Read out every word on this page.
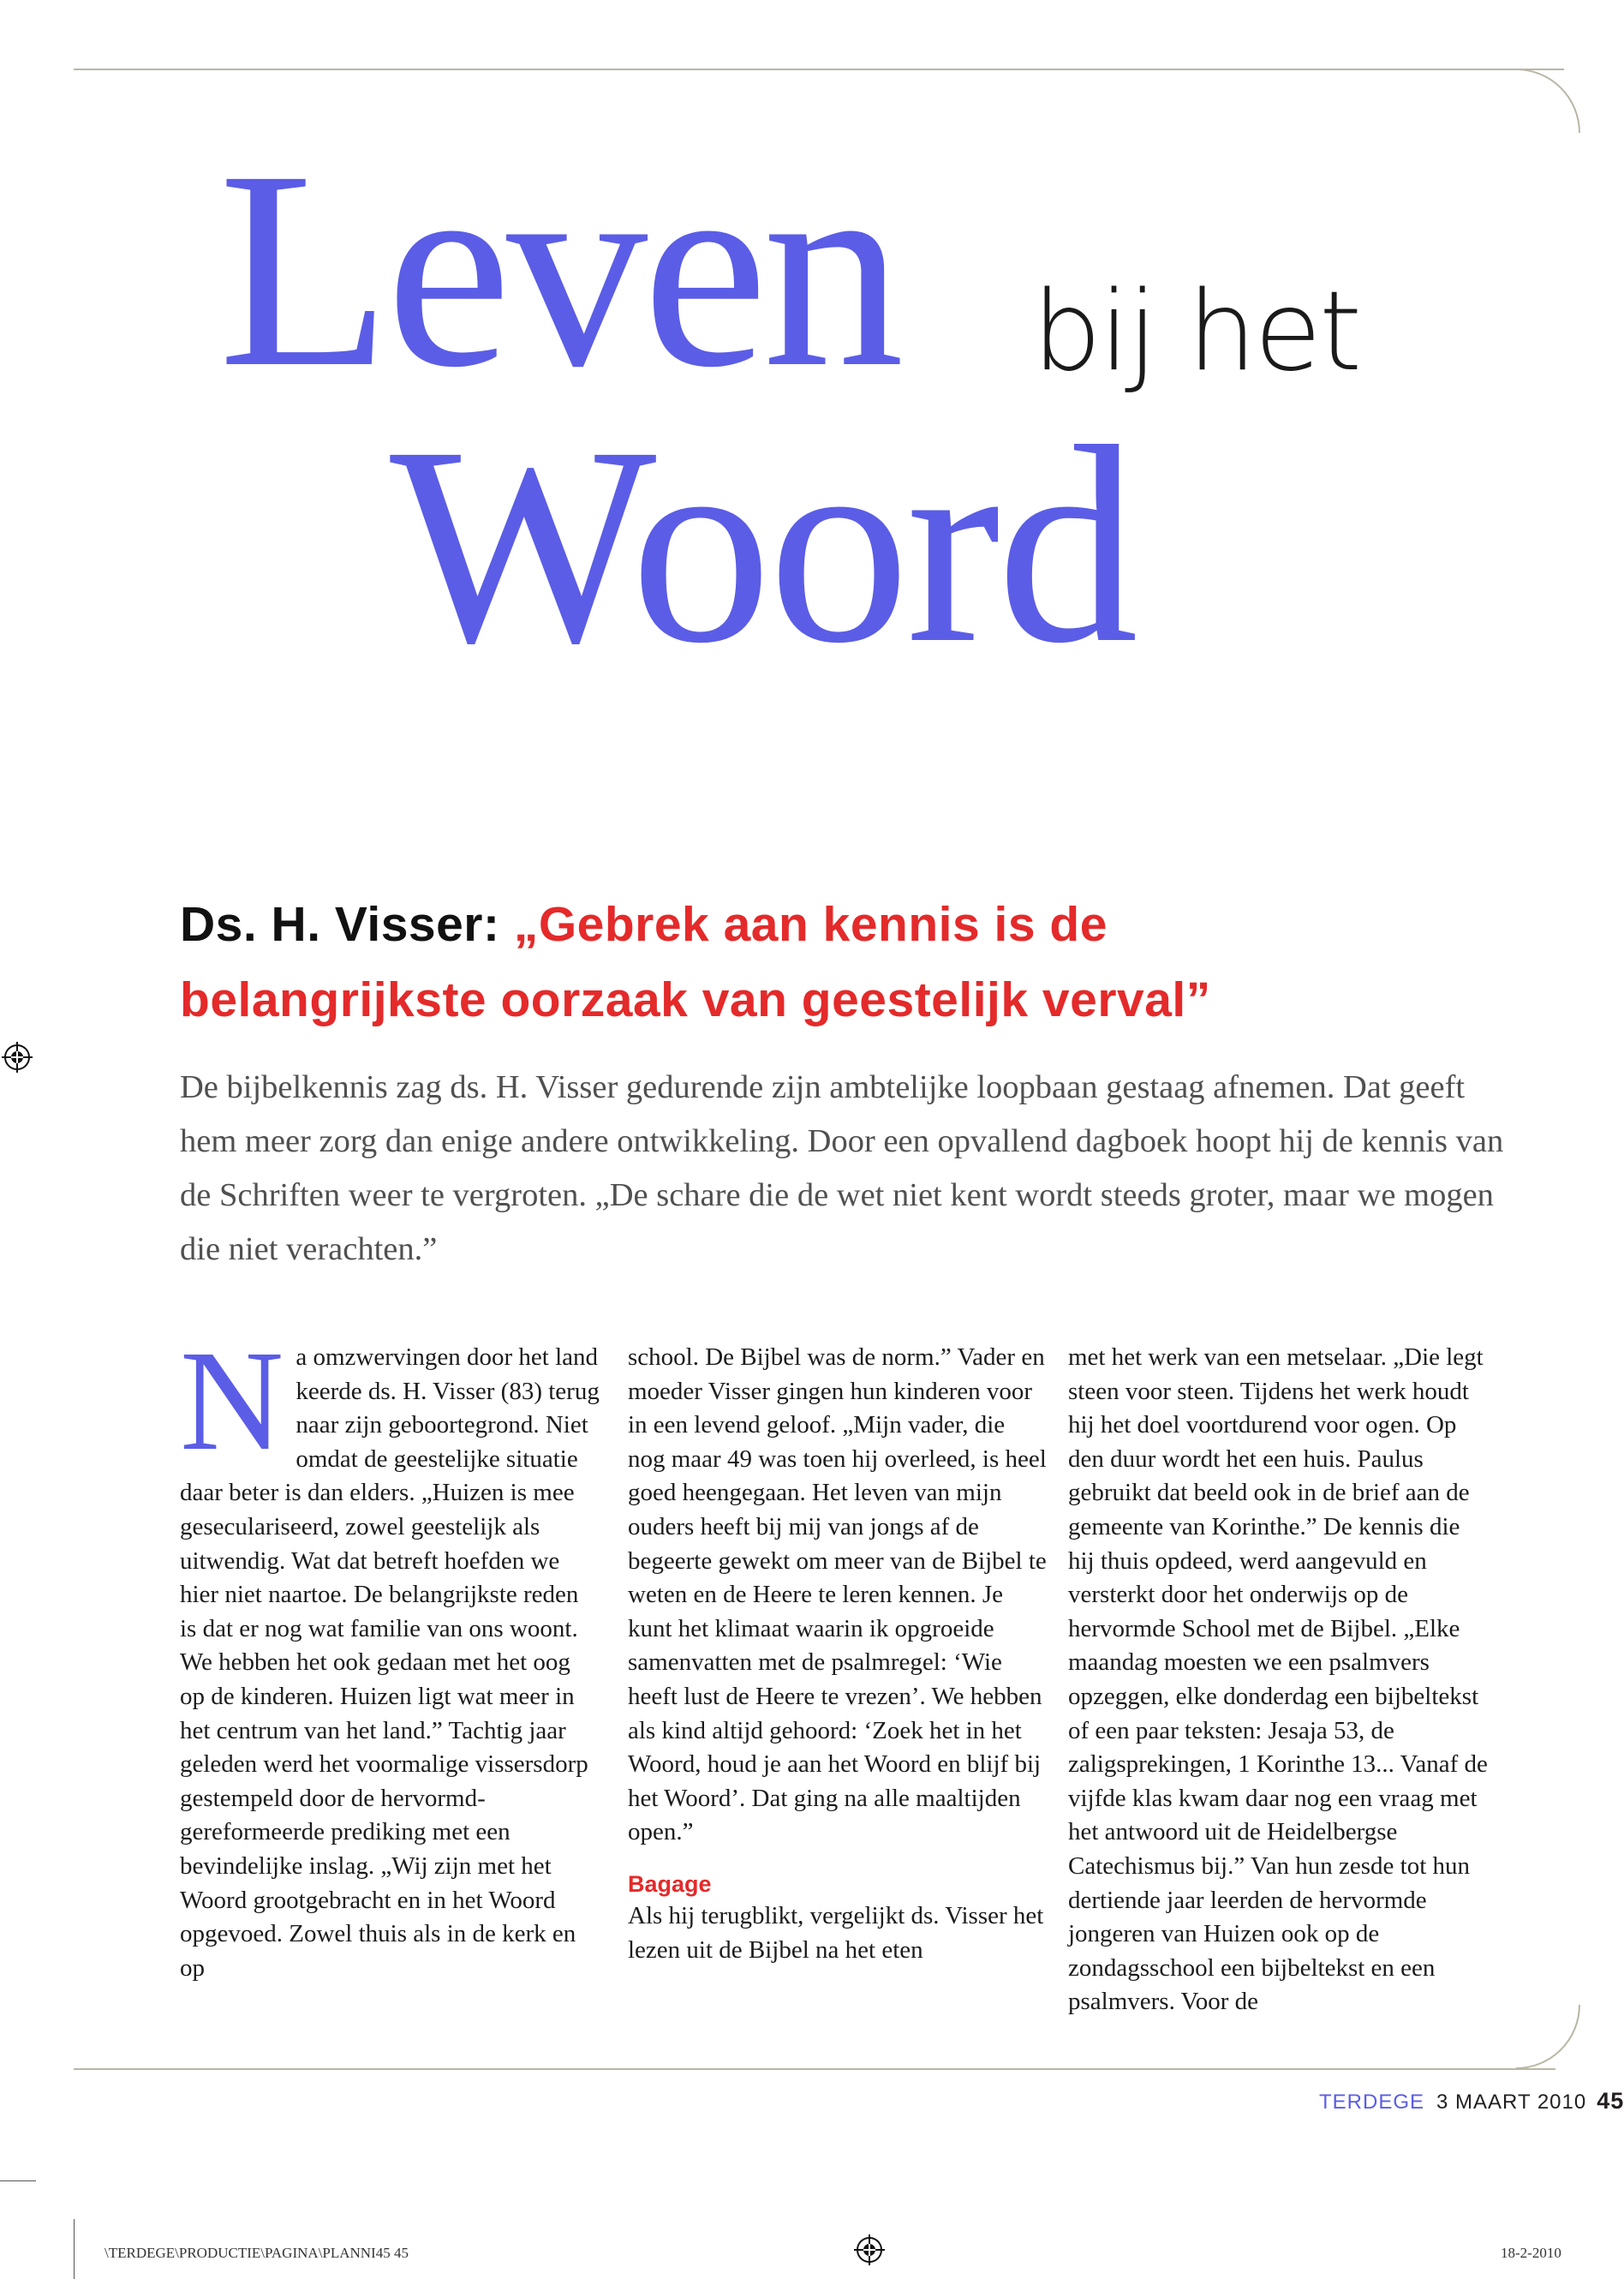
Leven bij het
Woord
Ds. H. Visser: „Gebrek aan kennis is de
belangrijkste oorzaak van geestelijk verval”
De bijbelkennis zag ds. H. Visser gedurende zijn ambtelijke loopbaan gestaag afnemen. Dat geeft hem meer zorg dan enige andere ontwikkeling. Door een opvallend dagboek hoopt hij de kennis van de Schriften weer te vergroten. „De schare die de wet niet kent wordt steeds groter, maar we mogen die niet verachten.”
N a omzwervingen door het land keerde ds. H. Visser (83) terug naar zijn geboortegrond. Niet omdat de geestelijke situatie daar beter is dan elders. „Huizen is mee geseculariseerd, zowel geestelijk als uitwendig. Wat dat betreft hoefden we hier niet naartoe. De belangrijkste reden is dat er nog wat familie van ons woont. We hebben het ook gedaan met het oog op de kinderen. Huizen ligt wat meer in het centrum van het land.” Tachtig jaar geleden werd het voormalige vissersdorp gestempeld door de hervormd-gereformeerde prediking met een bevindelijke inslag. „Wij zijn met het Woord grootgebracht en in het Woord opgevoed. Zowel thuis als in de kerk en op

school. De Bijbel was de norm.” Vader en moeder Visser gingen hun kinderen voor in een levend geloof. „Mijn vader, die nog maar 49 was toen hij overleed, is heel goed heengegaan. Het leven van mijn ouders heeft bij mij van jongs af de begeerte gewekt om meer van de Bijbel te weten en de Heere te leren kennen. Je kunt het klimaat waarin ik opgroeide samenvatten met de psalmregel: ‘Wie heeft lust de Heere te vrezen’. We hebben als kind altijd gehoord: ‘Zoek het in het Woord, houd je aan het Woord en blijf bij het Woord’. Dat ging na alle maaltijden open.”

Bagage

Als hij terugblikt, vergelijkt ds. Visser het lezen uit de Bijbel na het eten

met het werk van een metselaar. „Die legt steen voor steen. Tijdens het werk houdt hij het doel voortdurend voor ogen. Op den duur wordt het een huis. Paulus gebruikt dat beeld ook in de brief aan de gemeente van Korinthe.” De kennis die hij thuis opdeed, werd aangevuld en versterkt door het onderwijs op de hervormde School met de Bijbel. „Elke maandag moesten we een psalmvers opzeggen, elke donderdag een bijbeltekst of een paar teksten: Jesaja 53, de zaligsprekingen, 1 Korinthe 13... Vanaf de vijfde klas kwam daar nog een vraag met het antwoord uit de Heidelbergse Catechismus bij.” Van hun zesde tot hun dertiende jaar leerden de hervormde jongeren van Huizen ook op de zondagsschool een bijbeltekst en een psalmvers. Voor de

TERDEGE 3 MAART 2010 45
\TERDEGE\PRODUCTIE\PAGINA\PLANNI45 45	18-2-2010
